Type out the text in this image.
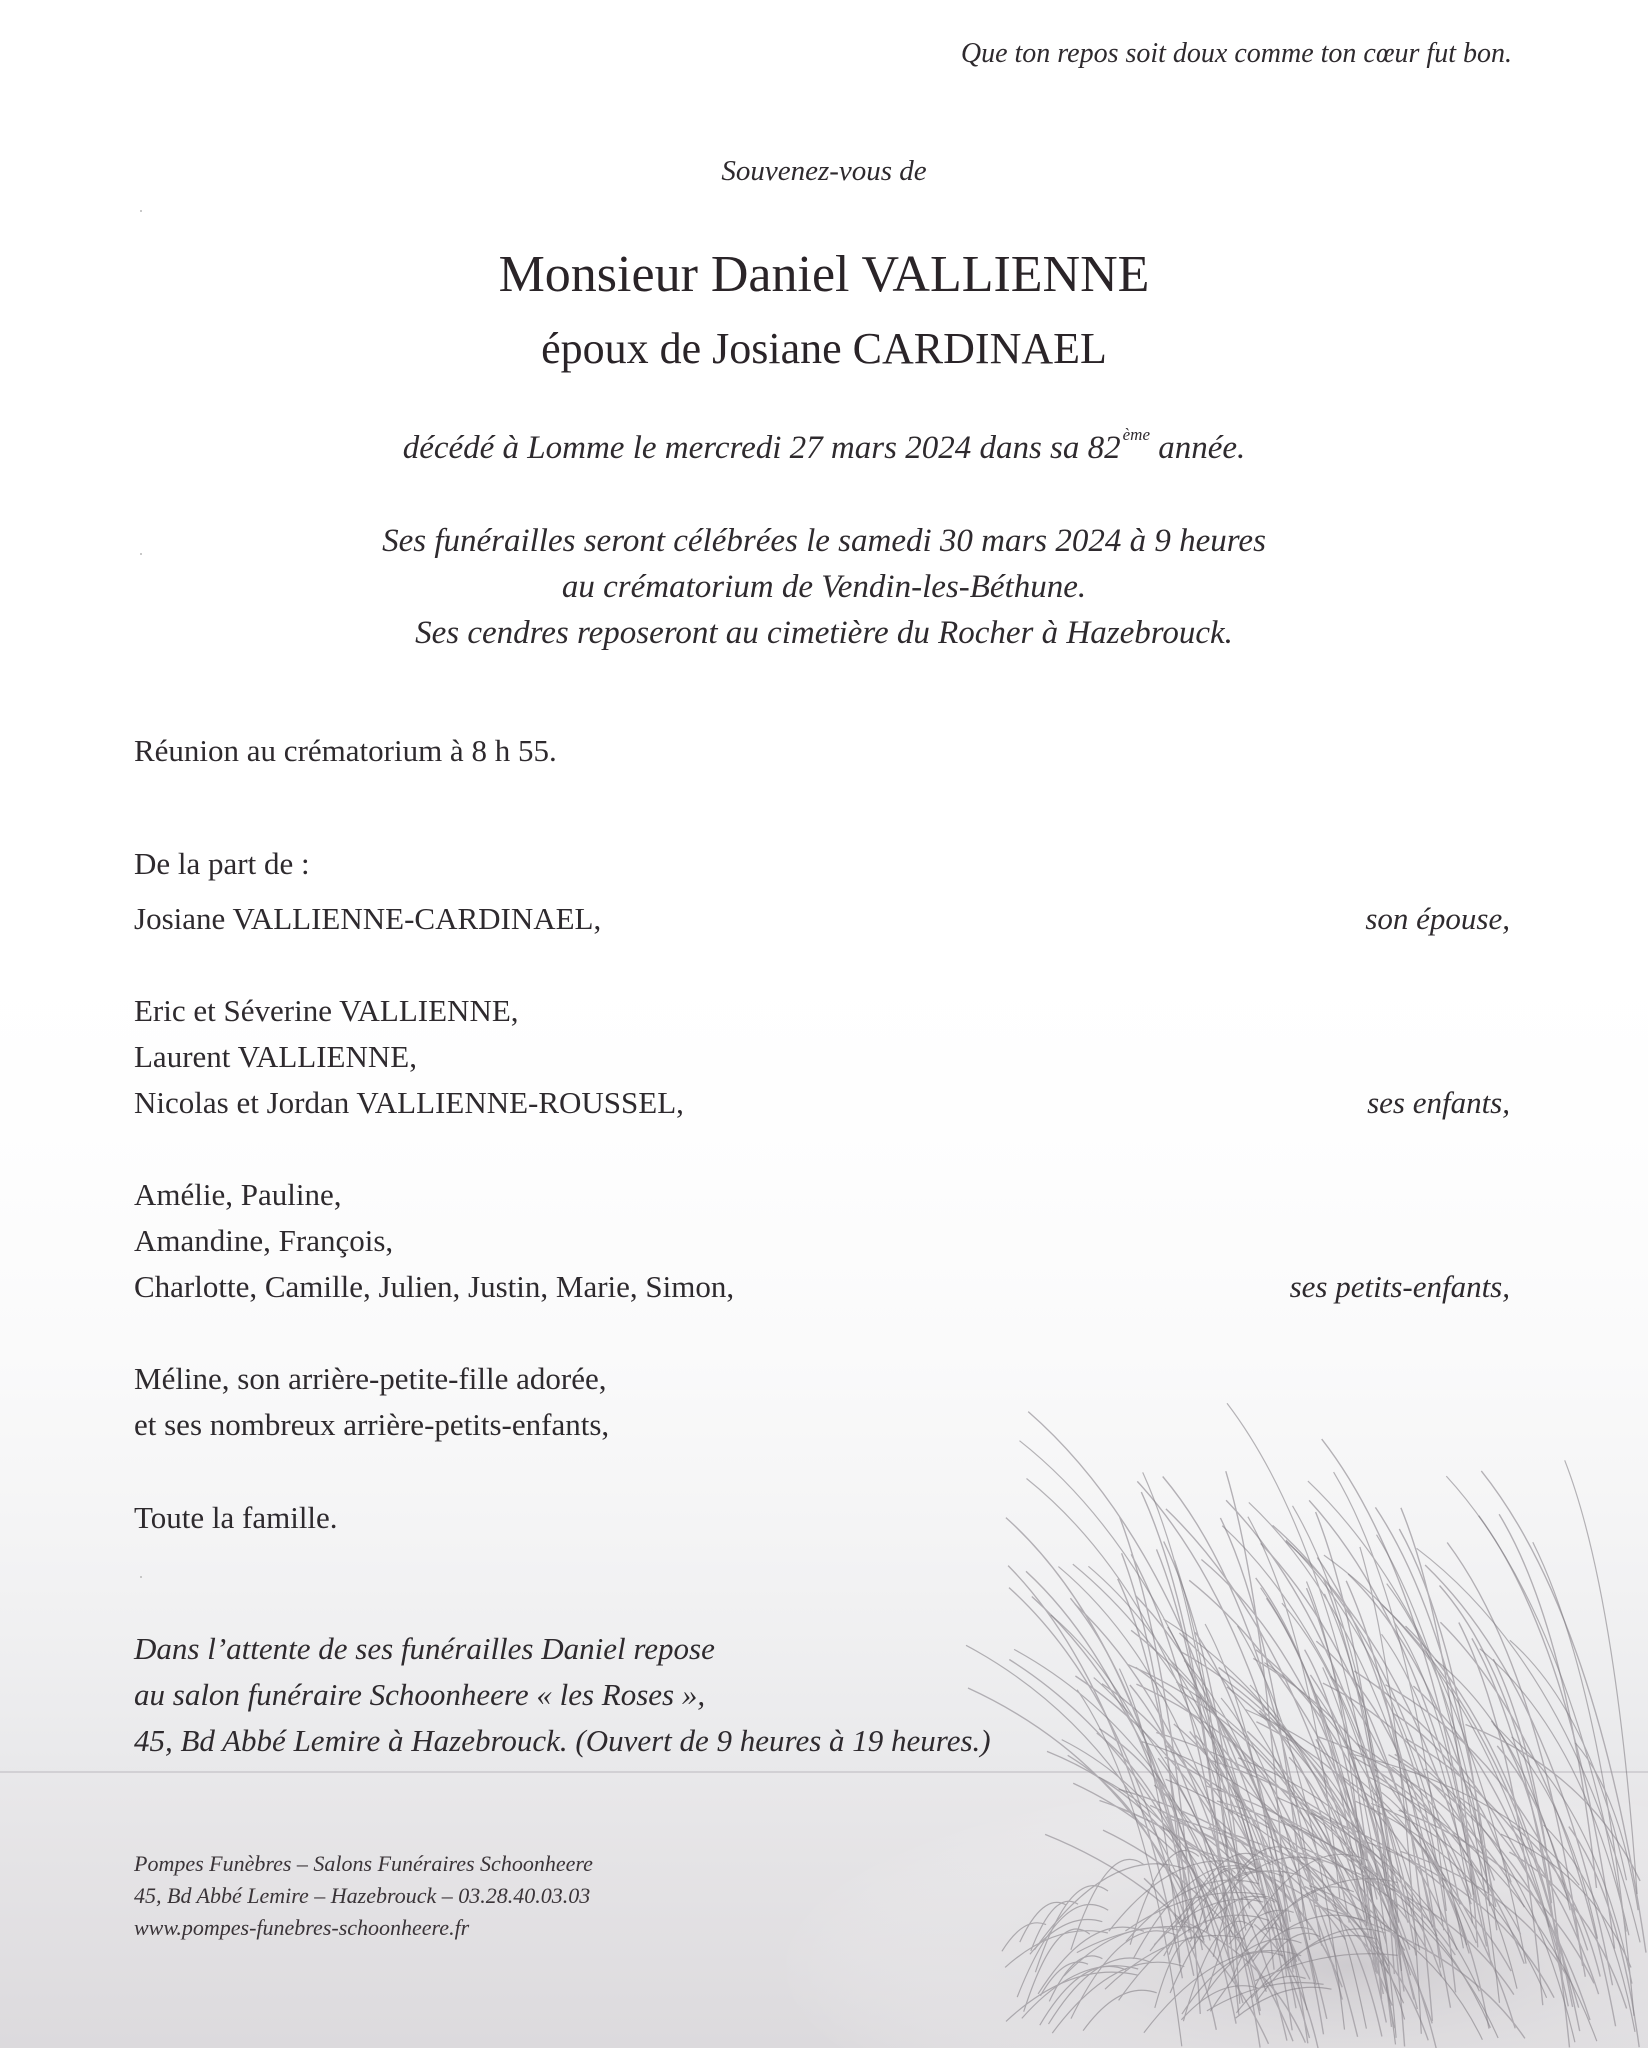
Que ton repos soit doux comme ton cœur fut bon.
Souvenez-vous de
Monsieur Daniel VALLIENNE
époux de Josiane CARDINAEL
décédé à Lomme le mercredi 27 mars 2024 dans sa 82 $^{ème}$ année.
Ses funérailles seront célébrées le samedi 30 mars 2024 à 9 heures
au crématorium de Vendin-les-Béthune.
Ses cendres reposeront au cimetière du Rocher à Hazebrouck.
Réunion au crématorium à 8 h 55.
De la part de :
Josiane VALLIENNE-CARDINAEL,	son épouse,
Eric et Séverine VALLIENNE,
Laurent VALLIENNE,
Nicolas et Jordan VALLIENNE-ROUSSEL,	ses enfants,
Amélie, Pauline,
Amandine, François,
Charlotte, Camille, Julien, Justin, Marie, Simon,	ses petits-enfants,
Méline, son arrière-petite-fille adorée,
et ses nombreux arrière-petits-enfants,
Toute la famille.
Dans l’attente de ses funérailles Daniel repose
au salon funéraire Schoonheere « les Roses »,
45, Bd Abbé Lemire à Hazebrouck. (Ouvert de 9 heures à 19 heures.)
Pompes Funèbres – Salons Funéraires Schoonheere
45, Bd Abbé Lemire – Hazebrouck – 03.28.40.03.03
www.pompes-funebres-schoonheere.fr
